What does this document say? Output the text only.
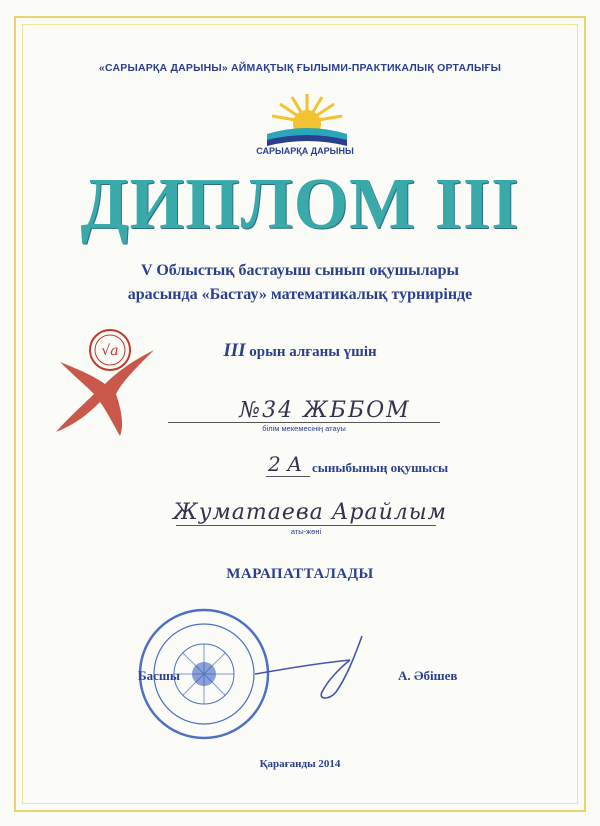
«САРЫАРҚА ДАРЫНЫ» АЙМАҚТЫҚ ҒЫЛЫМИ-ПРАКТИКАЛЫҚ ОРТАЛЫҒЫ
САРЫАРҚА ДАРЫНЫ
ДИПЛОМ III
V Облыстық бастауыш сынып оқушылары
арасында «Бастау» математикалық турнирінде
√a	III орын алғаны үшін
№34 ЖББОМ
білім мекемесінің атауы
2 А сыныбының оқушысы
Жуматаева Арайлым
аты-жөні
МАРАПАТТАЛАДЫ
Басшы	А. Әбішев
Қарағанды 2014
